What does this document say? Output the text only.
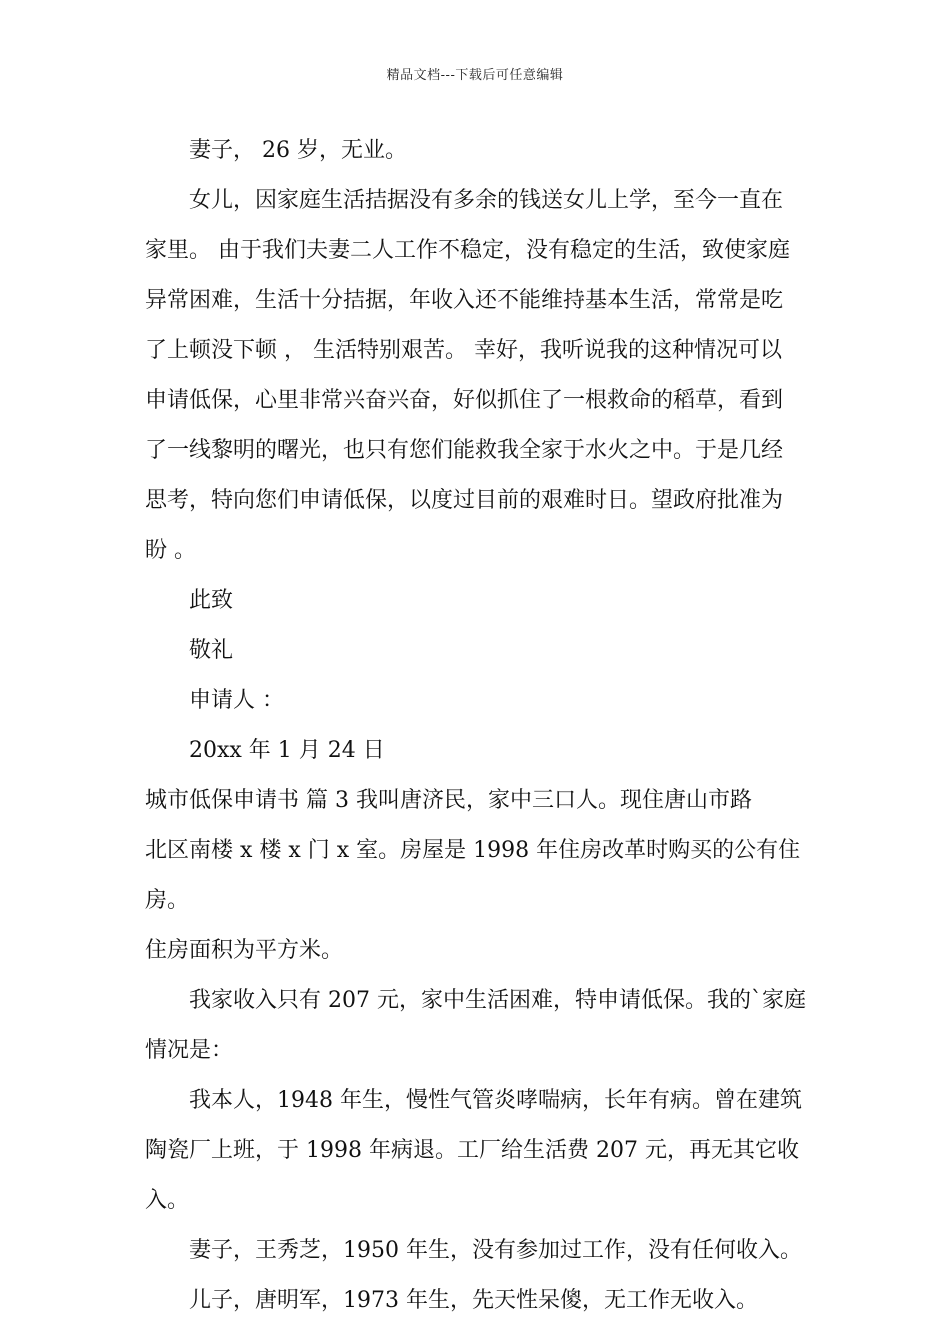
精品文档---下载后可任意编辑

妻子， 26 岁，无业。

女儿，因家庭生活拮据没有多余的钱送女儿上学，至今一直在

家里。 由于我们夫妻二人工作不稳定，没有稳定的生活，致使家庭

异常困难，生活十分拮据，年收入还不能维持基本生活，常常是吃

了上顿没下顿 ， 生活特别艰苦。 幸好，我听说我的这种情况可以

申请低保，心里非常兴奋兴奋，好似抓住了一根救命的稻草，看到

了一线黎明的曙光，也只有您们能救我全家于水火之中。于是几经

思考，特向您们申请低保，以度过目前的艰难时日。望政府批准为

盼 。

此致

敬礼

申请人 ：

20xx 年 1 月 24 日

城市低保申请书 篇 3 我叫唐济民，家中三口人。现住唐山市路

北区南楼 x 楼 x 门 x 室。房屋是 1998 年住房改革时购买的公有住房。

住房面积为平方米。

我家收入只有 207 元，家中生活困难，特申请低保。我的`家庭

情况是：

我本人，1948 年生，慢性气管炎哮喘病，长年有病。曾在建筑

陶瓷厂上班，于 1998 年病退。工厂给生活费 207 元，再无其它收入。

妻子，王秀芝，1950 年生，没有参加过工作，没有任何收入。

儿子，唐明军，1973 年生，先天性呆傻，无工作无收入。
